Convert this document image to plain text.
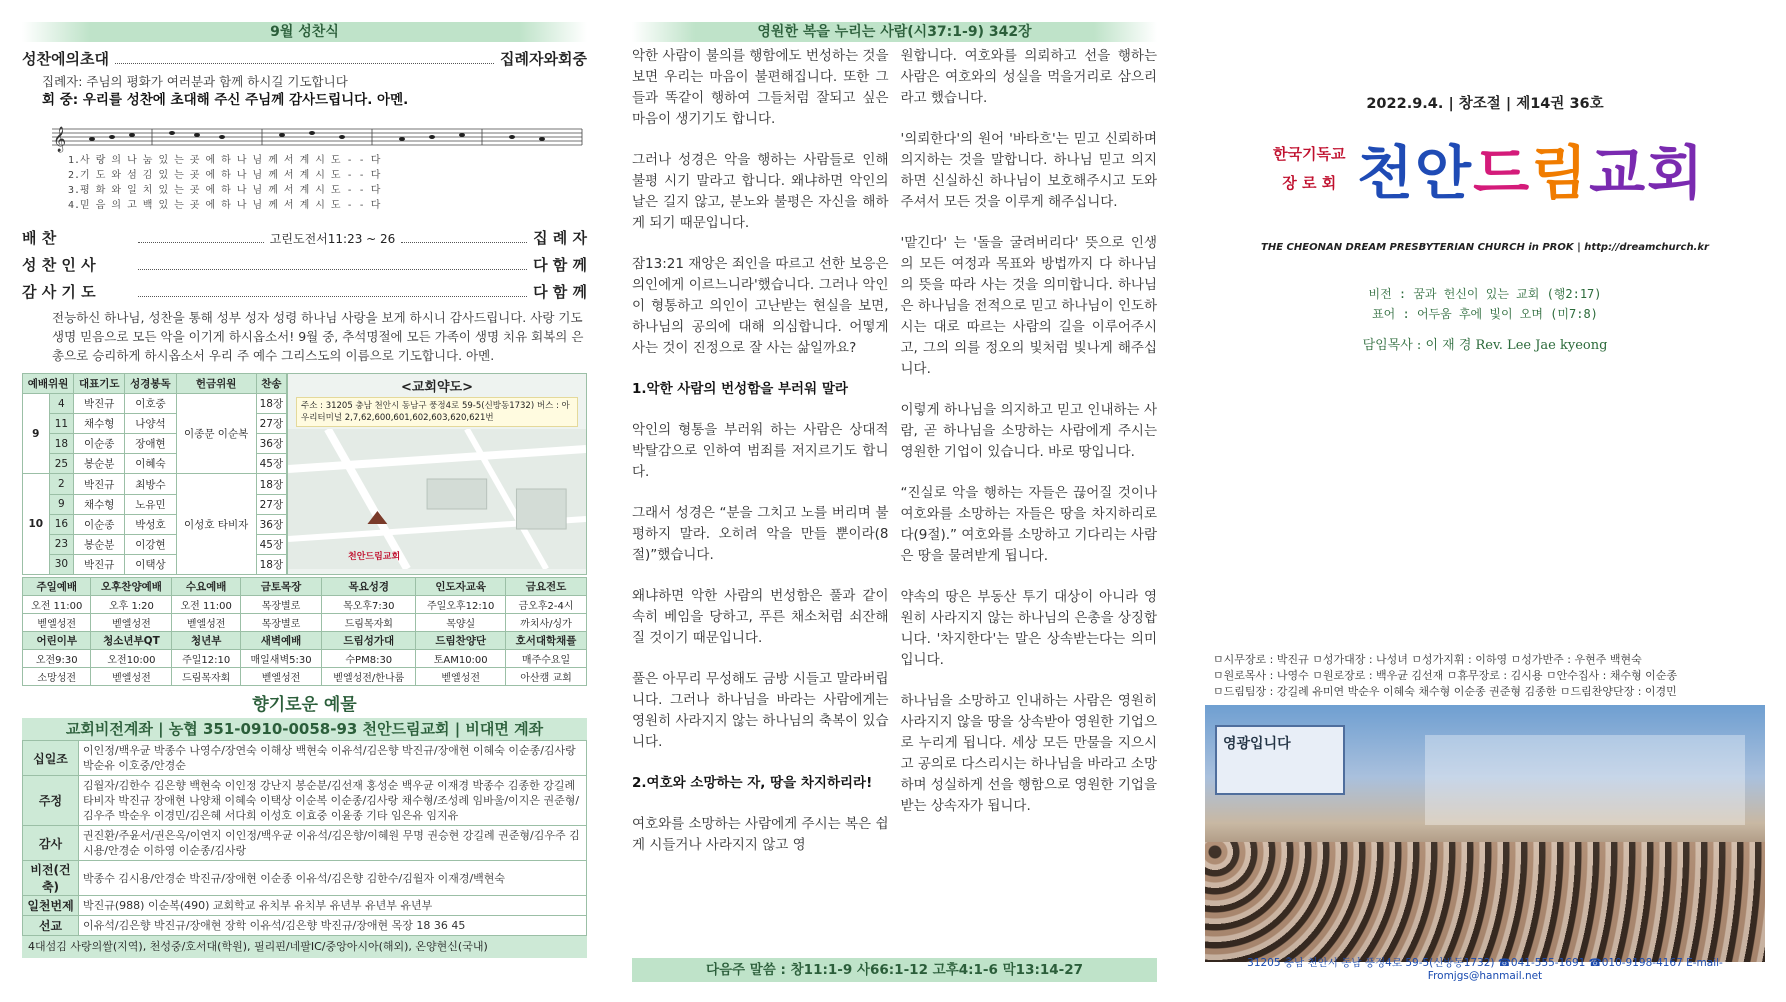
9월 성찬식
성찬에의초대	집례자와회중
집례자: 주님의 평화가 여러분과 함께 하시길 기도합니다
회 중: 우리를 성찬에 초대해 주신 주님께 감사드립니다. 아멘.
𝄞
1.사 랑 의 나 눔 있 는 곳 에 하 나 님 께 서 계 시 도 - - 다
2.기 도 와 섬 김 있 는 곳 에 하 나 님 께 서 계 시 도 - - 다
3.평 화 와 일 치 있 는 곳 에 하 나 님 께 서 계 시 도 - - 다
4.믿 음 의 고 백 있 는 곳 에 하 나 님 께 서 계 시 도 - - 다
배 찬	고린도전서11:23 ~ 26	집 례 자
성 찬 인 사	다 함 께
감 사 기 도	다 함 께
전능하신 하나님, 성찬을 통해 성부 성자 성령 하나님 사랑을 보게 하시니 감사드립니다. 사랑 기도 생명 믿음으로 모든 악을 이기게 하시옵소서! 9월 중, 추석명절에 모든 가족이 생명 치유 회복의 은총으로 승리하게 하시옵소서 우리 주 예수 그리스도의 이름으로 기도합니다. 아멘.
예배위원		대표기도	성경봉독	헌금위원	찬송
9	4	박진규	이호중	이종문 이순복	18장
	11	채수형	나양석		27장
	18	이순종	장애현		36장
	25	봉순분	이혜숙		45장
10	2	박진규	최방수	이성호 타비자	18장
	9	채수형	노유민		27장
	16	이순종	박성호		36장
	23	봉순분	이강현		45장
	30	박진규	이택상		18장
<교회약도>
주소 : 31205 충남 천안시 동남구 풍정4로 59-5(신방동1732) 버스 : 아우리터미널 2,7,62,600,601,602,603,620,621번
천안드림교회
주일예배	오후찬양예배	수요예배	금토목장	목요성경	인도자교육	금요전도
오전 11:00	오후 1:20	오전 11:00	목장별로	목오후7:30	주일오후12:10	금오후2-4시
벧엘성전	벧엘성전	벧엘성전	목장별로	드림목자회	목양실	까치사/싱가
어린이부	청소년부QT	청년부	새벽예배	드림성가대	드림찬양단	호서대학채플
오전9:30	오전10:00	주일12:10	매일새벽5:30	수PM8:30	토AM10:00	매주수요일
소망성전	벧엘성전	드림목자회	벧엘성전	벧엘성전/한나룸	벧엘성전	아산캠 교회
향기로운 예물
교회비전계좌 | 농협 351-0910-0058-93 천안드림교회 | 비대면 계좌
십일조	이인정/백우균 박종수 나영수/장연숙 이해상 백현숙 이유석/김은향 박진규/장애현 이혜숙 이순종/김사랑 박순유 이호중/안경순
주정	김월자/김한수 김은향 백현숙 이인정 강난지 봉순분/김선재 홍성순 백우균 이재경 박종수 김종한 강길례 타비자 박진규 장애현 나양채 이혜숙 이택상 이순복 이순종/김사랑 채수형/조성례 임바울/이지은 권준형/김우주 박순우 이경민/김은혜 서다희 이성호 이효중 이윤종 기타 임은유 임지유
감사	권진환/주윤서/권은옥/이연지 이인정/백우균 이유석/김은향/이혜원 무명 권승현 강길례 권준형/김우주 김시용/안경순 이하영 이순종/김사랑
비전(건축)	박종수 김시용/안경순 박진규/장애현 이순종 이유석/김은향 김한수/김월자 이재경/백현숙
일천번제	박진규(988) 이순복(490) 교회학교 유치부 유치부 유년부 유년부 유년부
선교	이유석/김은향 박진규/장애현 장학 이유석/김은향 박진규/장애현 목장 18 36 45
4대섬김 사랑의쌀(지역), 천성중/호서대(학원), 필리핀/네팔IC/중앙아시아(해외), 온양현신(국내)
영원한 복을 누리는 사람(시37:1-9) 342장

악한 사람이 불의를 행함에도 번성하는 것을 보면 우리는 마음이 불편해집니다. 또한 그들과 똑같이 행하여 그들처럼 잘되고 싶은 마음이 생기기도 합니다.

그러나 성경은 악을 행하는 사람들로 인해 불평 시기 말라고 합니다. 왜냐하면 악인의 날은 길지 않고, 분노와 불평은 자신을 해하게 되기 때문입니다.

잠13:21 재앙은 죄인을 따르고 선한 보응은 의인에게 이르느니라'했습니다. 그러나 악인이 형통하고 의인이 고난받는 현실을 보면, 하나님의 공의에 대해 의심합니다. 어떻게 사는 것이 진정으로 잘 사는 삶일까요?

1.악한 사람의 번성함을 부러워 말라

악인의 형통을 부러워 하는 사람은 상대적 박탈감으로 인하여 범죄를 저지르기도 합니다.

그래서 성경은 “분을 그치고 노를 버리며 불평하지 말라. 오히려 악을 만들 뿐이라(8절)”했습니다.

왜냐하면 악한 사람의 번성함은 풀과 같이 속히 베임을 당하고, 푸른 채소처럼 쇠잔해질 것이기 때문입니다.

풀은 아무리 무성해도 금방 시들고 말라버립니다. 그러나 하나님을 바라는 사람에게는 영원히 사라지지 않는 하나님의 축복이 있습니다.

2.여호와 소망하는 자, 땅을 차지하리라!

여호와를 소망하는 사람에게 주시는 복은 쉽게 시들거나 사라지지 않고 영

원합니다. 여호와를 의뢰하고 선을 행하는 사람은 여호와의 성실을 먹을거리로 삼으리라고 했습니다.

'의뢰한다'의 원어 '바타흐'는 믿고 신뢰하며 의지하는 것을 말합니다. 하나님 믿고 의지하면 신실하신 하나님이 보호해주시고 도와주셔서 모든 것을 이루게 해주십니다.

'맡긴다' 는 '돌을 굴려버리다' 뜻으로 인생의 모든 여정과 목표와 방법까지 다 하나님의 뜻을 따라 사는 것을 의미합니다. 하나님은 하나님을 전적으로 믿고 하나님이 인도하시는 대로 따르는 사람의 길을 이루어주시고, 그의 의를 정오의 빛처럼 빛나게 해주십니다.

이렇게 하나님을 의지하고 믿고 인내하는 사람, 곧 하나님을 소망하는 사람에게 주시는 영원한 기업이 있습니다. 바로 땅입니다.

“진실로 악을 행하는 자들은 끊어질 것이나 여호와를 소망하는 자들은 땅을 차지하리로다(9절).” 여호와를 소망하고 기다리는 사람은 땅을 물려받게 됩니다.

약속의 땅은 부동산 투기 대상이 아니라 영원히 사라지지 않는 하나님의 은총을 상징합니다. '차지한다'는 말은 상속받는다는 의미입니다.

하나님을 소망하고 인내하는 사람은 영원히 사라지지 않을 땅을 상속받아 영원한 기업으로 누리게 됩니다. 세상 모든 만물을 지으시고 공의로 다스리시는 하나님을 바라고 소망하며 성실하게 선을 행함으로 영원한 기업을 받는 상속자가 됩니다.

다음주 말씀 : 창11:1-9 사66:1-12 고후4:1-6 막13:14-27
2022.9.4. | 창조절 | 제14권 36호
한국기독교
장 로 회 천안드림교회
THE CHEONAN DREAM PRESBYTERIAN CHURCH in PROK | http://dreamchurch.kr
비전 : 꿈과 헌신이 있는 교회 (행2:17)
표어 : 어두움 후에 빛이 오며 (미7:8)
담임목사 : 이 재 경 Rev. Lee Jae kyeong
ㅁ시무장로 : 박진규 ㅁ성가대장 : 나성녀 ㅁ성가지휘 : 이하영 ㅁ성가반주 : 우현주 백현숙
ㅁ원로목사 : 나영수 ㅁ원로장로 : 백우균 김선재 ㅁ휴무장로 : 김시용 ㅁ안수집사 : 채수형 이순종
ㅁ드림팀장 : 강길례 유미연 박순우 이혜숙 채수형 이순종 권준형 김종한 ㅁ드림찬양단장 : 이경민
영광입니다
31205 충남 천안시 동남 풍정4로 59-5(신방동1732) ☎041-555-1691 ☎010-9198-4167 E-mail-Fromjgs@hanmail.net
